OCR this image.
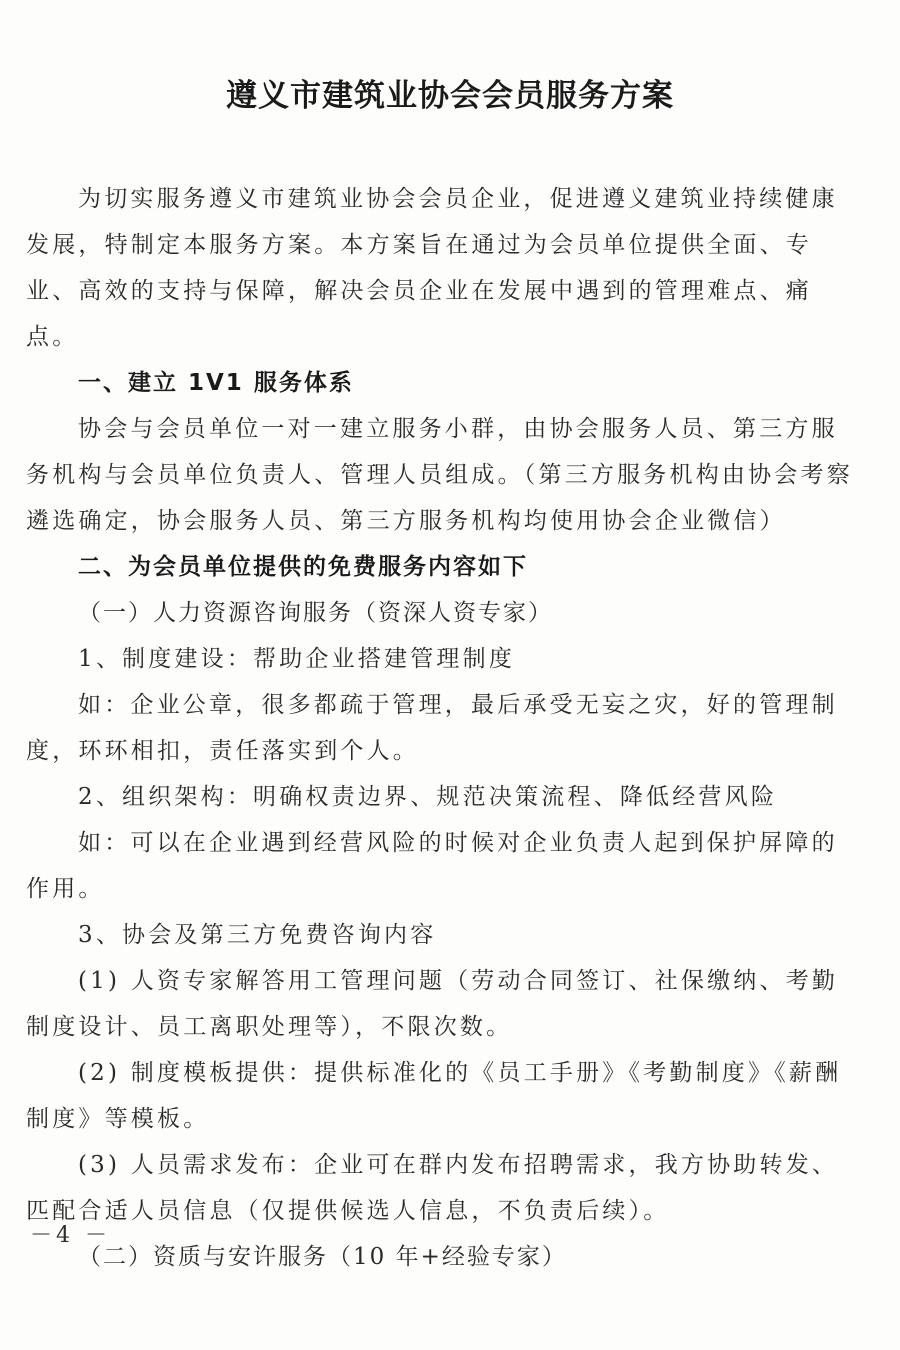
遵义市建筑业协会会员服务方案

为切实服务遵义市建筑业协会会员企业，促进遵义建筑业持续健康发展，特制定本服务方案。本方案旨在通过为会员单位提供全面、专业、高效的支持与保障，解决会员企业在发展中遇到的管理难点、痛点。

一、建立 1V1 服务体系

协会与会员单位一对一建立服务小群，由协会服务人员、第三方服务机构与会员单位负责人、管理人员组成。（第三方服务机构由协会考察遴选确定，协会服务人员、第三方服务机构均使用协会企业微信）

二、为会员单位提供的免费服务内容如下

（一）人力资源咨询服务（资深人资专家）

1、制度建设：帮助企业搭建管理制度

如：企业公章，很多都疏于管理，最后承受无妄之灾，好的管理制度，环环相扣，责任落实到个人。

2、组织架构：明确权责边界、规范决策流程、降低经营风险

如：可以在企业遇到经营风险的时候对企业负责人起到保护屏障的作用。

3、协会及第三方免费咨询内容

(1) 人资专家解答用工管理问题（劳动合同签订、社保缴纳、考勤制度设计、员工离职处理等），不限次数。

(2) 制度模板提供：提供标准化的《员工手册》《考勤制度》《薪酬制度》等模板。

(3) 人员需求发布：企业可在群内发布招聘需求，我方协助转发、匹配合适人员信息（仅提供候选人信息，不负责后续）。

（二）资质与安许服务（10 年+经验专家）

－4 －
